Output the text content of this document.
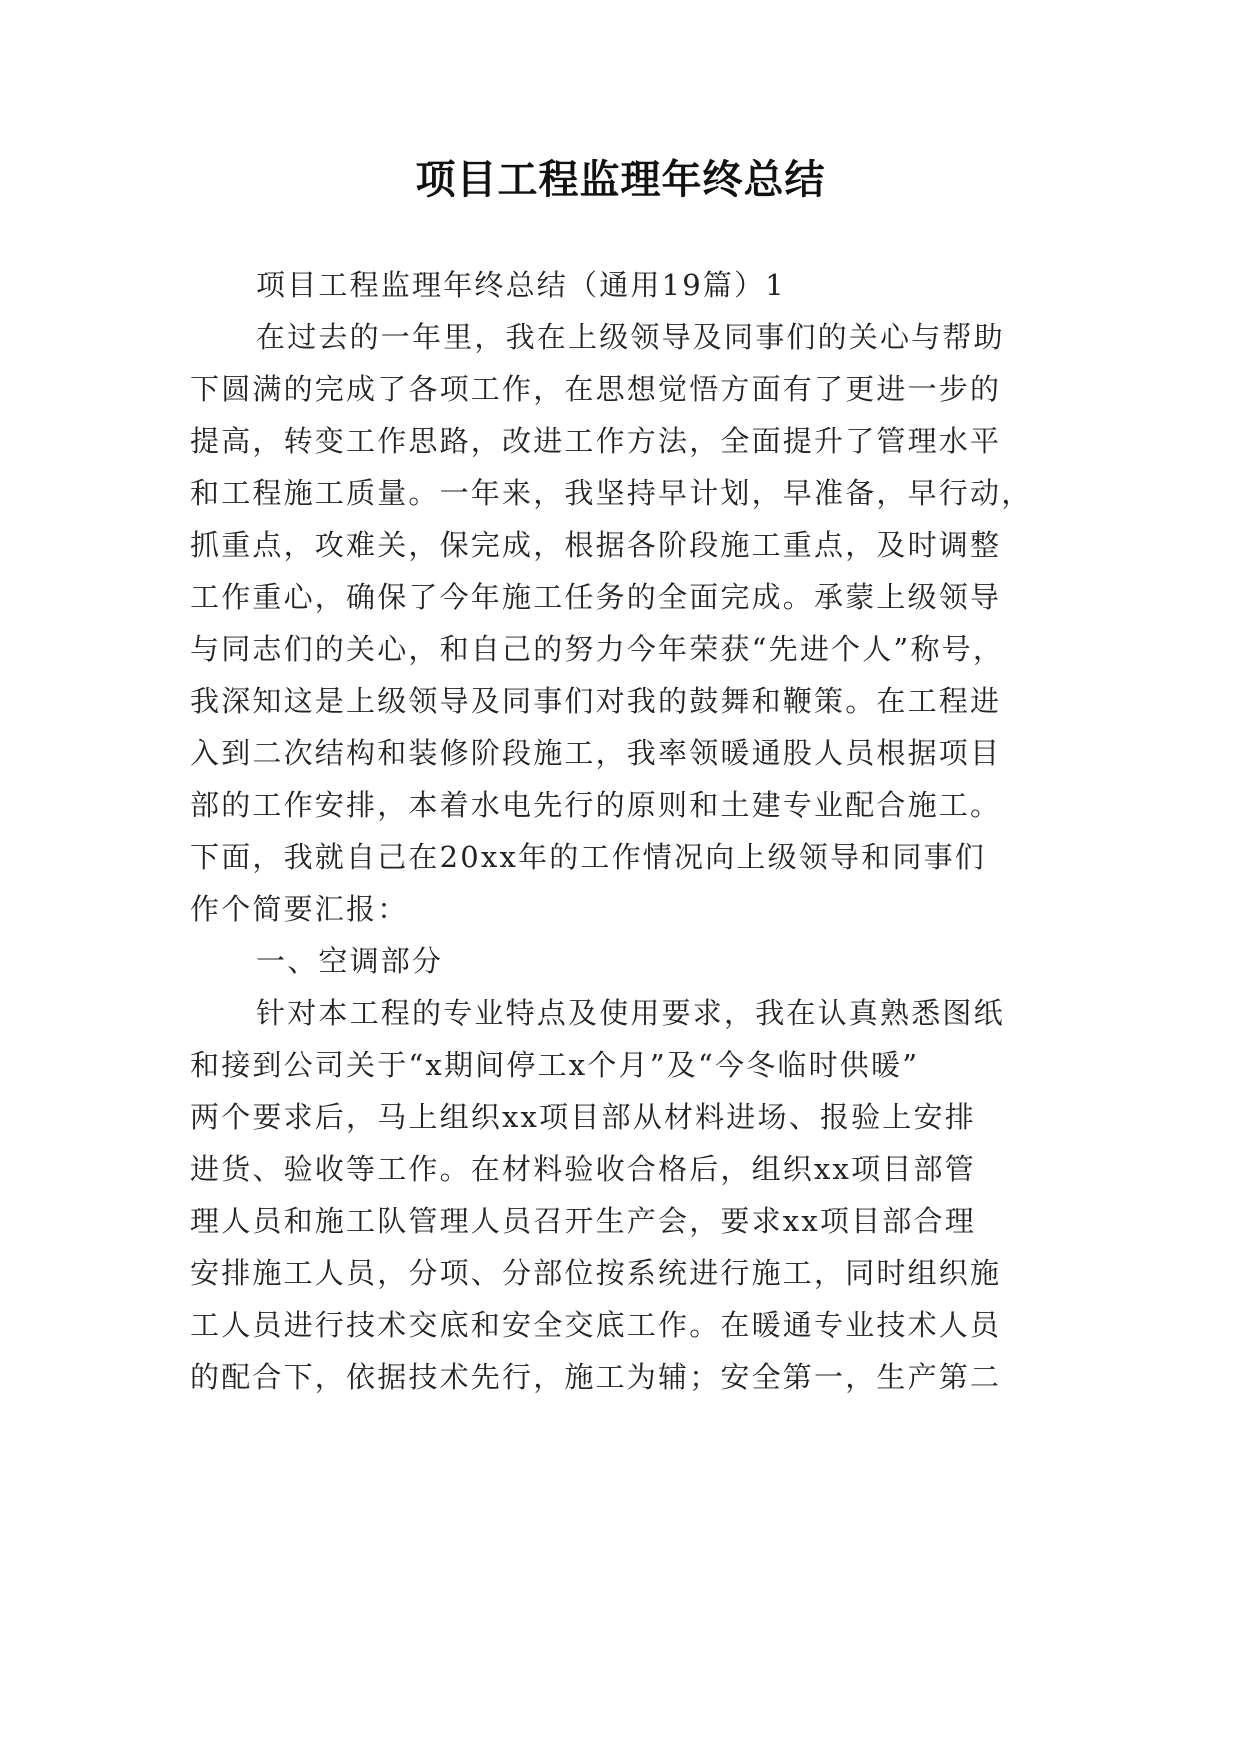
项目工程监理年终总结
项目工程监理年终总结（通用19篇）1
在过去的一年里，我在上级领导及同事们的关心与帮助
下圆满的完成了各项工作，在思想觉悟方面有了更进一步的
提高，转变工作思路，改进工作方法，全面提升了管理水平
和工程施工质量。一年来，我坚持早计划，早准备，早行动，
抓重点，攻难关，保完成，根据各阶段施工重点，及时调整
工作重心，确保了今年施工任务的全面完成。承蒙上级领导
与同志们的关心，和自己的努力今年荣获“先进个人”称号，
我深知这是上级领导及同事们对我的鼓舞和鞭策。在工程进
入到二次结构和装修阶段施工，我率领暖通股人员根据项目
部的工作安排，本着水电先行的原则和土建专业配合施工。
下面，我就自己在20xx年的工作情况向上级领导和同事们
作个简要汇报：
一、空调部分
针对本工程的专业特点及使用要求，我在认真熟悉图纸
和接到公司关于“x期间停工x个月”及“今冬临时供暖”
两个要求后，马上组织xx项目部从材料进场、报验上安排
进货、验收等工作。在材料验收合格后，组织xx项目部管
理人员和施工队管理人员召开生产会，要求xx项目部合理
安排施工人员，分项、分部位按系统进行施工，同时组织施
工人员进行技术交底和安全交底工作。在暖通专业技术人员
的配合下，依据技术先行，施工为辅；安全第一，生产第二
